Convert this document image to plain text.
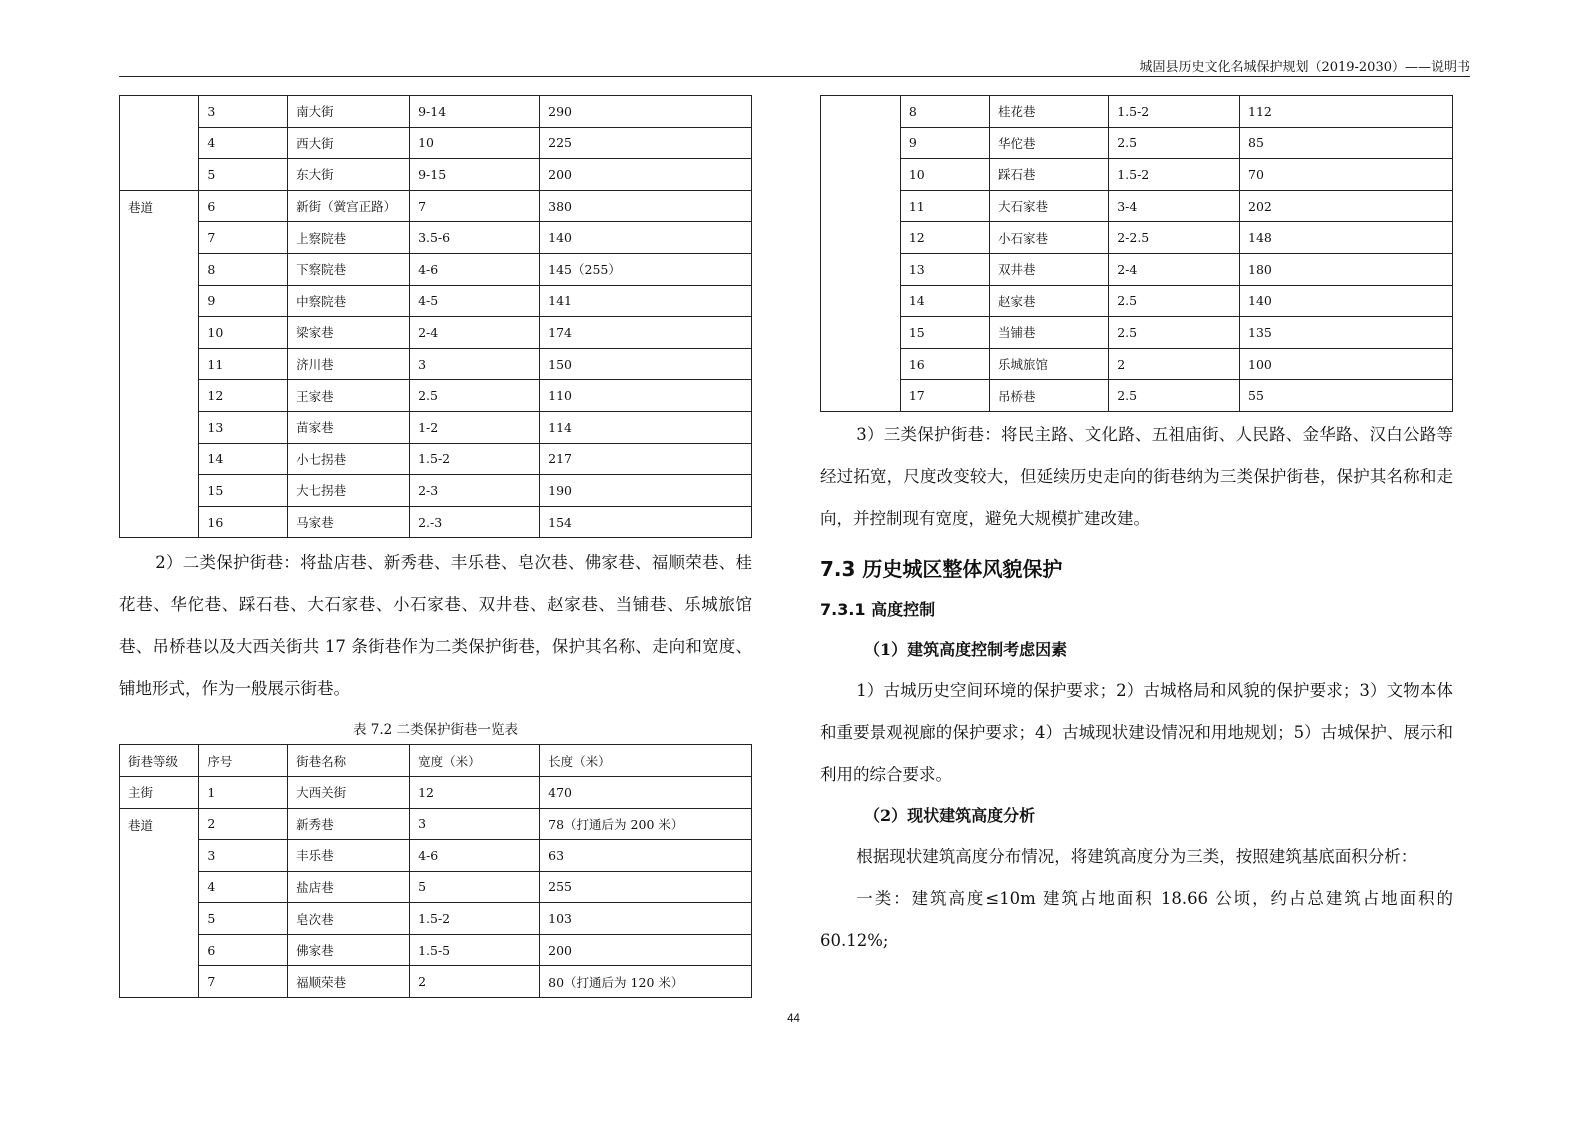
城固县历史文化名城保护规划（2019-2030）——说明书
	3	南大街	9-14	290
	4	西大街	10	225
	5	东大街	9-15	200
巷道	6	新街（黉宫正路）	7	380
	7	上察院巷	3.5-6	140
	8	下察院巷	4-6	145（255）
	9	中察院巷	4-5	141
	10	梁家巷	2-4	174
	11	济川巷	3	150
	12	王家巷	2.5	110
	13	苗家巷	1-2	114
	14	小七拐巷	1.5-2	217
	15	大七拐巷	2-3	190
	16	马家巷	2.-3	154

2）二类保护街巷：将盐店巷、新秀巷、丰乐巷、皂次巷、佛家巷、福顺荣巷、桂花巷、华佗巷、踩石巷、大石家巷、小石家巷、双井巷、赵家巷、当铺巷、乐城旅馆巷、吊桥巷以及大西关街共 17 条街巷作为二类保护街巷，保护其名称、走向和宽度、铺地形式，作为一般展示街巷。

表 7.2 二类保护街巷一览表
街巷等级	序号	街巷名称	宽度（米）	长度（米）
主街	1	大西关街	12	470
巷道	2	新秀巷	3	78（打通后为 200 米）
	3	丰乐巷	4-6	63
	4	盐店巷	5	255
	5	皂次巷	1.5-2	103
	6	佛家巷	1.5-5	200
	7	福顺荣巷	2	80（打通后为 120 米）
	8	桂花巷	1.5-2	112
	9	华佗巷	2.5	85
	10	踩石巷	1.5-2	70
	11	大石家巷	3-4	202
	12	小石家巷	2-2.5	148
	13	双井巷	2-4	180
	14	赵家巷	2.5	140
	15	当铺巷	2.5	135
	16	乐城旅馆	2	100
	17	吊桥巷	2.5	55

3）三类保护街巷：将民主路、文化路、五祖庙街、人民路、金华路、汉白公路等经过拓宽，尺度改变较大，但延续历史走向的街巷纳为三类保护街巷，保护其名称和走向，并控制现有宽度，避免大规模扩建改建。

7.3 历史城区整体风貌保护
7.3.1 高度控制
（1）建筑高度控制考虑因素

1）古城历史空间环境的保护要求；2）古城格局和风貌的保护要求；3）文物本体和重要景观视廊的保护要求；4）古城现状建设情况和用地规划；5）古城保护、展示和利用的综合要求。

（2）现状建筑高度分析

根据现状建筑高度分布情况，将建筑高度分为三类，按照建筑基底面积分析：

一类：建筑高度≤10m 建筑占地面积 18.66 公顷，约占总建筑占地面积的 60.12%;

44
